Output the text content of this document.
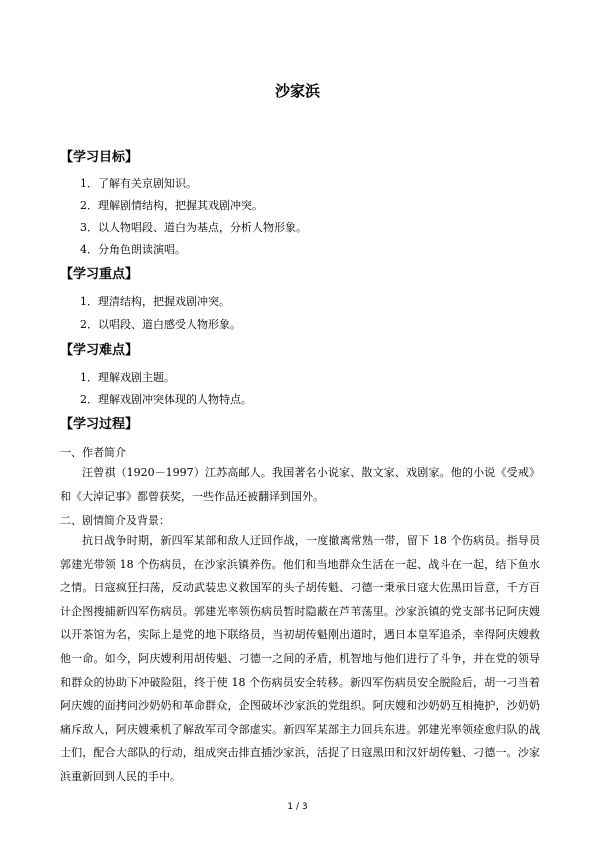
沙家浜
【学习目标】
1．了解有关京剧知识。
2．理解剧情结构，把握其戏剧冲突。
3．以人物唱段、道白为基点，分析人物形象。
4．分角色朗读演唱。
【学习重点】
1．理清结构，把握戏剧冲突。
2．以唱段、道白感受人物形象。
【学习难点】
1．理解戏剧主题。
2．理解戏剧冲突体现的人物特点。
【学习过程】
一、作者简介

汪曾祺（1920－1997）江苏高邮人。我国著名小说家、散文家、戏剧家。他的小说《受戒》和《大淖记事》都曾获奖，一些作品还被翻译到国外。

二、剧情简介及背景：

抗日战争时期，新四军某部和敌人迂回作战，一度撤离常熟一带，留下 18 个伤病员。指导员郭建光带领 18 个伤病员，在沙家浜镇养伤。他们和当地群众生活在一起、战斗在一起，结下鱼水之情。日寇疯狂扫荡，反动武装忠义救国军的头子胡传魁、刁德一秉承日寇大佐黑田旨意，千方百计企图搜捕新四军伤病员。郭建光率领伤病员暂时隐蔽在芦苇荡里。沙家浜镇的党支部书记阿庆嫂以开茶馆为名，实际上是党的地下联络员，当初胡传魁刚出道时，遇日本皇军追杀，幸得阿庆嫂救他一命。如今，阿庆嫂利用胡传魁、刁德一之间的矛盾，机智地与他们进行了斗争，并在党的领导和群众的协助下冲破险阻，终于使 18 个伤病员安全转移。新四军伤病员安全脱险后，胡一刁当着阿庆嫂的面拷问沙奶奶和革命群众，企图破坏沙家浜的党组织。阿庆嫂和沙奶奶互相掩护，沙奶奶痛斥敌人，阿庆嫂乘机了解敌军司令部虚实。新四军某部主力回兵东进。郭建光率领痊愈归队的战士们，配合大部队的行动，组成突击排直插沙家浜，活捉了日寇黑田和汉奸胡传魁、刁德一。沙家浜重新回到人民的手中。

1 / 3
